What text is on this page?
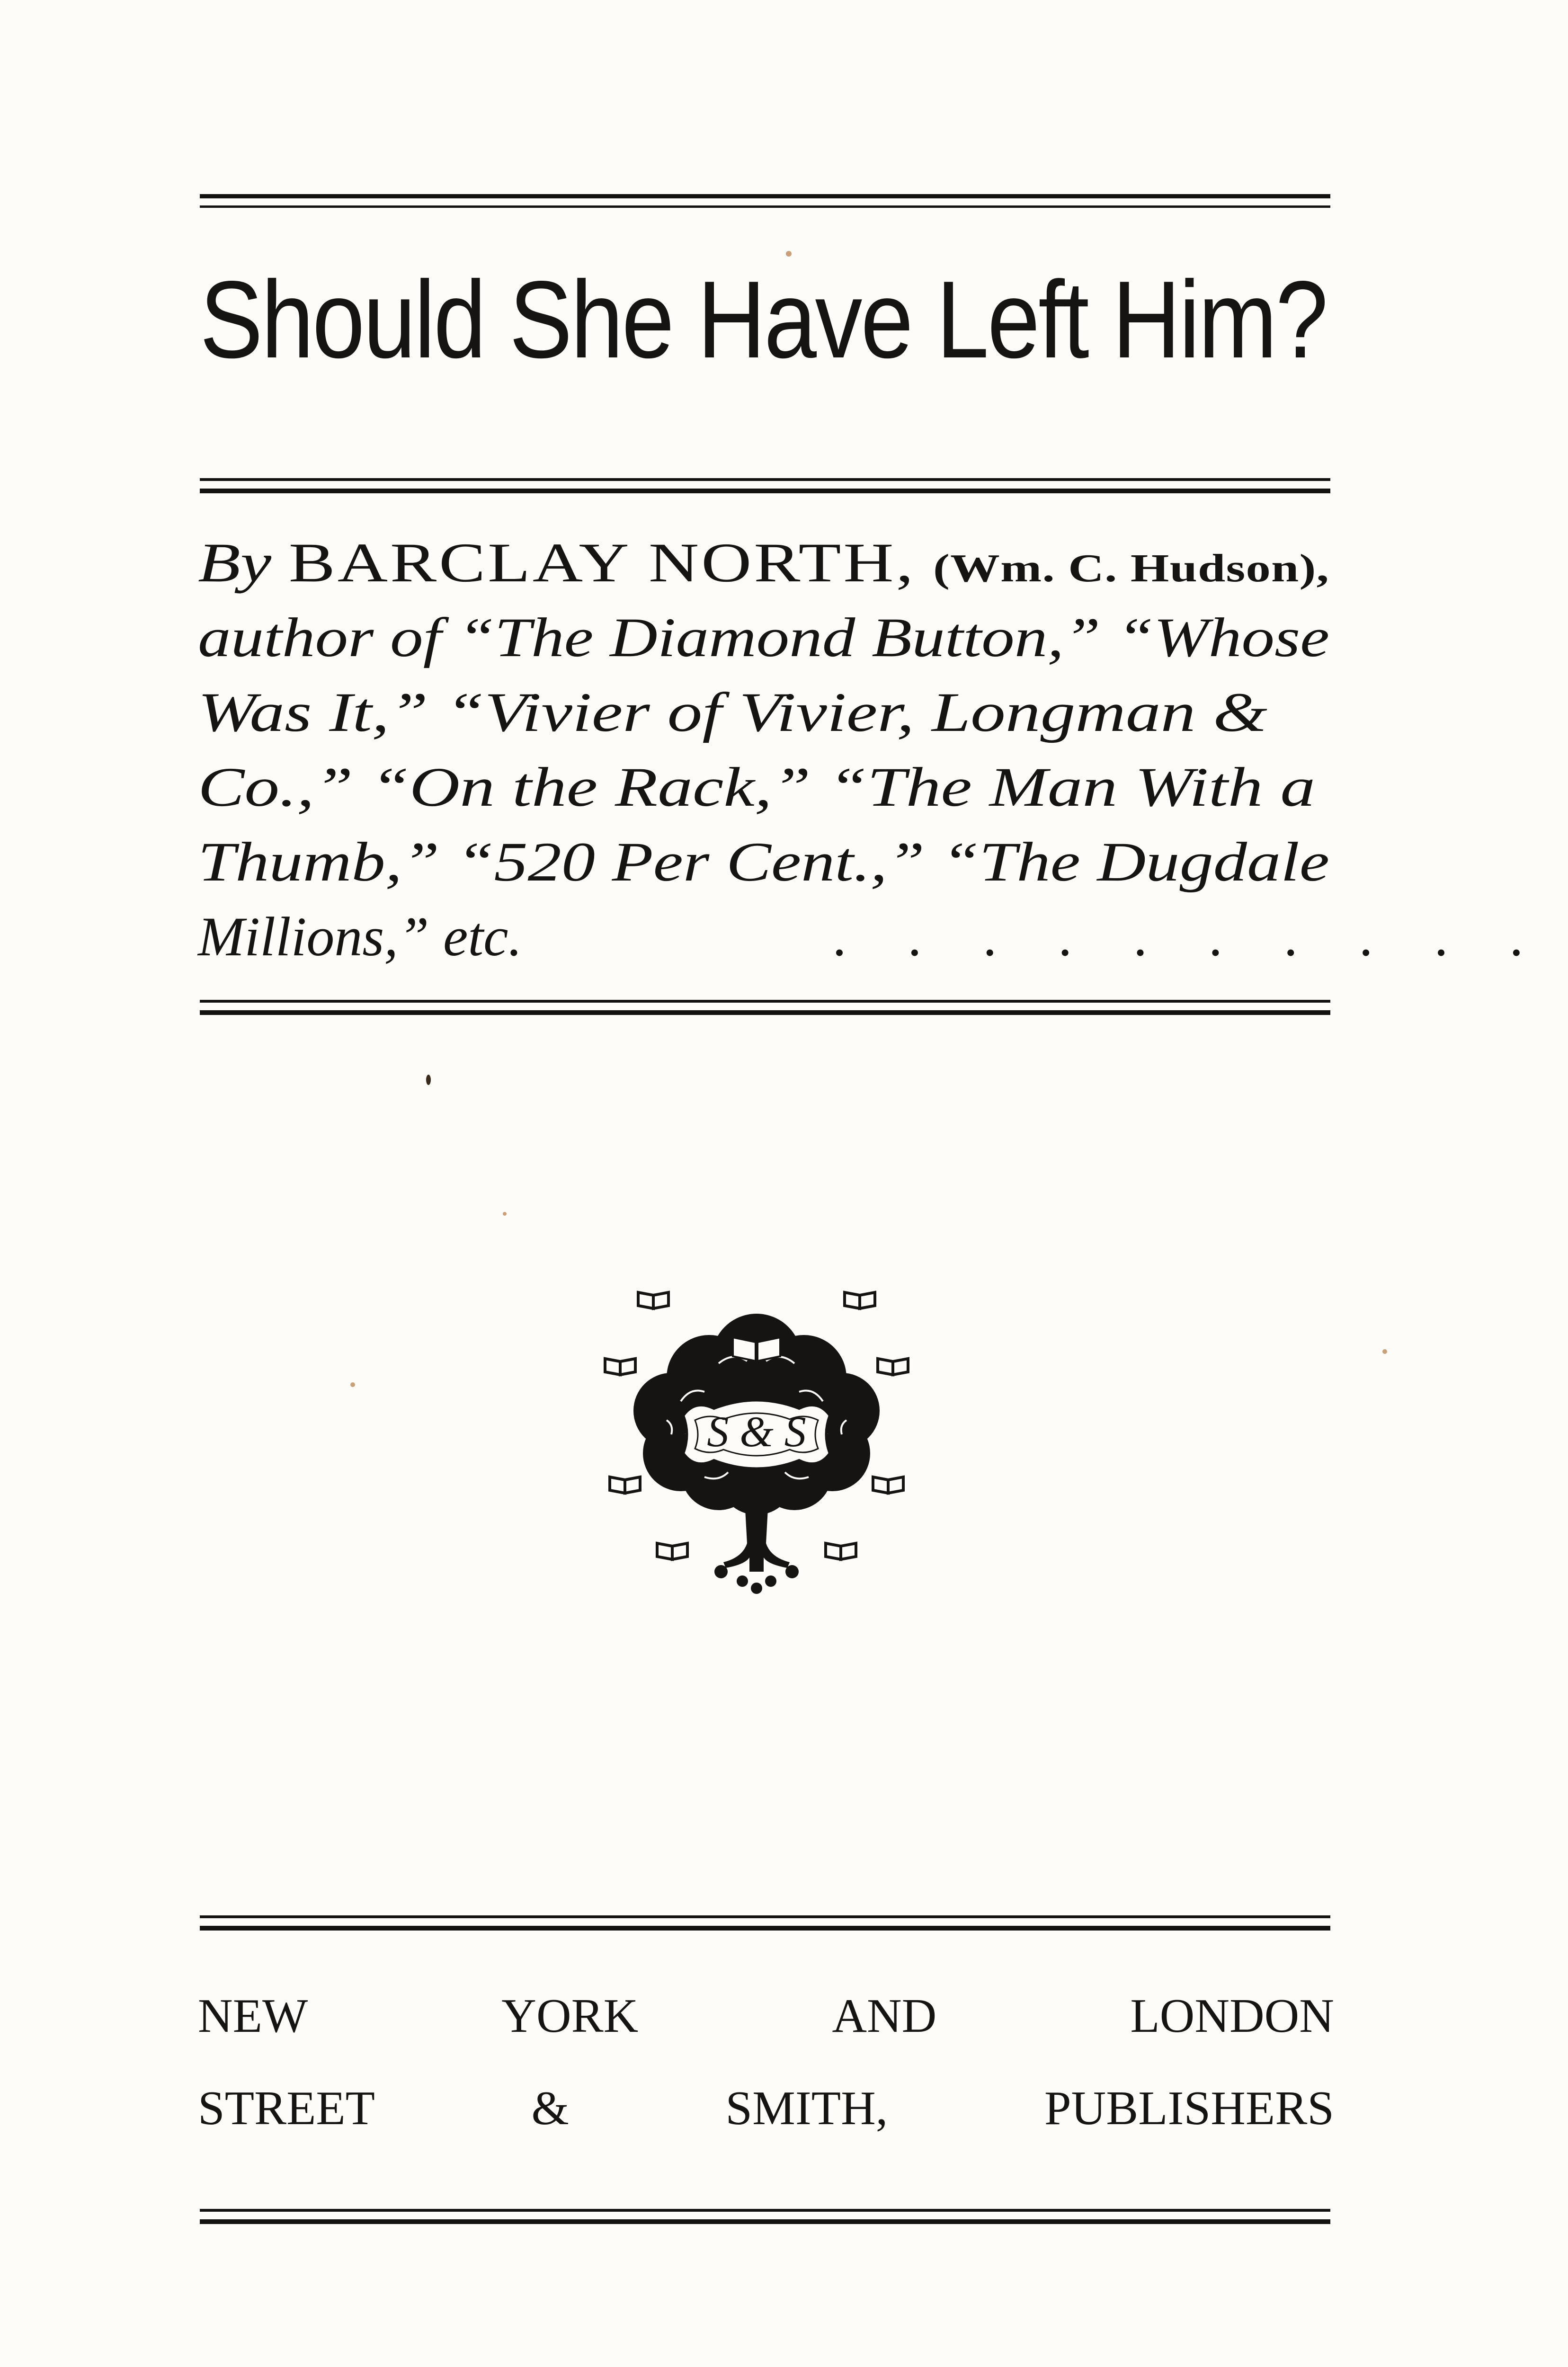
Should She Have Left Him?
By BARCLAY NORTH, (Wm. C. Hudson),
author of “The Diamond Button,” “Whose
Was It,” “Vivier of Vivier, Longman &
Co.,” “On the Rack,” “The Man With a
Thumb,” “520 Per Cent.,” “The Dugdale
Millions,” etc.	. . . . . . . . . .
S & S
NEW	YORK	AND	LONDON
STREET	&	SMITH,	PUBLISHERS
